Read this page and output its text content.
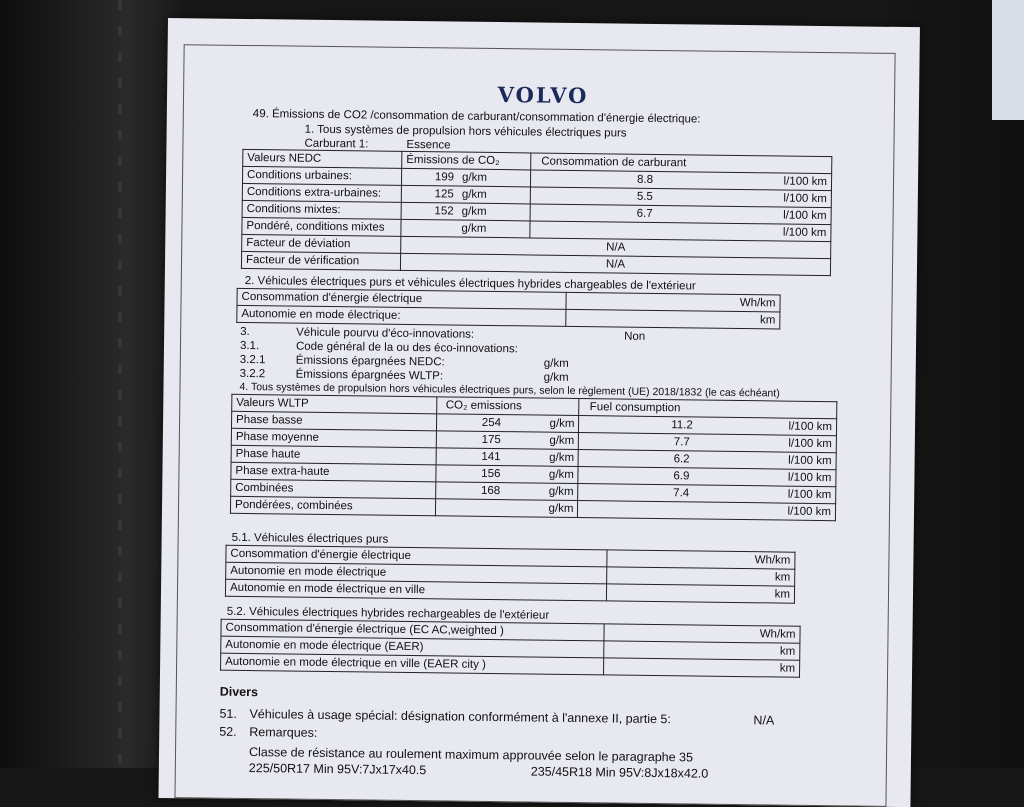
VOLVO
49. Émissions de CO2 /consommation de carburant/consommation d'énergie électrique:
1. Tous systèmes de propulsion hors véhicules électriques purs
Carburant 1:	Essence
Valeurs NEDC	Émissions de CO₂		Consommation de carburant	
Conditions urbaines:	199	g/km	8.8	l/100 km
Conditions extra-urbaines:	125	g/km	5.5	l/100 km
Conditions mixtes:	152	g/km	6.7	l/100 km
Pondéré, conditions mixtes		g/km		l/100 km
Facteur de déviation	N/A			
Facteur de vérification	N/A			
2. Véhicules électriques purs et véhicules électriques hybrides chargeables de l'extérieur
Consommation d'énergie électrique	Wh/km
Autonomie en mode électrique:	km
3.	Véhicule pourvu d'éco-innovations:	Non
3.1.	Code général de la ou des éco-innovations:
3.2.1	Émissions épargnées NEDC:	g/km
3.2.2	Émissions épargnées WLTP:	g/km
4. Tous systèmes de propulsion hors véhicules électriques purs, selon le règlement (UE) 2018/1832 (le cas échéant)
Valeurs WLTP	CO₂ emissions		Fuel consumption	
Phase basse	254	g/km	11.2	l/100 km
Phase moyenne	175	g/km	7.7	l/100 km
Phase haute	141	g/km	6.2	l/100 km
Phase extra-haute	156	g/km	6.9	l/100 km
Combinées	168	g/km	7.4	l/100 km
Pondérées, combinées		g/km		l/100 km
5.1. Véhicules électriques purs
Consommation d'énergie électrique	Wh/km
Autonomie en mode électrique	km
Autonomie en mode électrique en ville	km
5.2. Véhicules électriques hybrides rechargeables de l'extérieur
Consommation d'énergie électrique (EC AC,weighted )	Wh/km
Autonomie en mode électrique (EAER)	km
Autonomie en mode électrique en ville (EAER city )	km
Divers
51. Véhicules à usage spécial: désignation conformément à l'annexe II, partie 5:	N/A
52. Remarques:
Classe de résistance au roulement maximum approuvée selon le paragraphe 35
225/50R17 Min 95V:7Jx17x40.5	235/45R18 Min 95V:8Jx18x42.0
